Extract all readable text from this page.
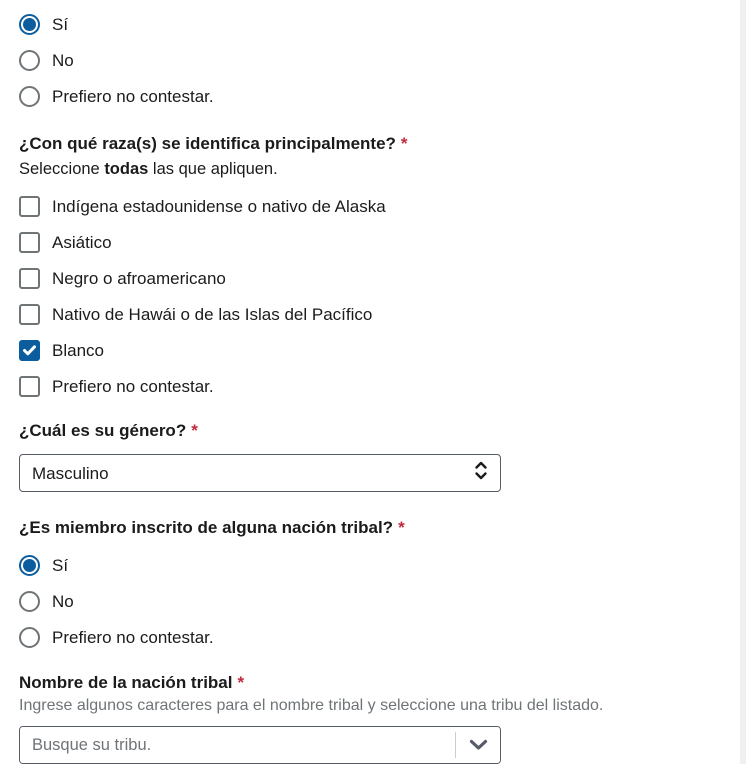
Sí
No
Prefiero no contestar.
¿Con qué raza(s) se identifica principalmente? *
Seleccione todas las que apliquen.
Indígena estadounidense o nativo de Alaska
Asiático
Negro o afroamericano
Nativo de Hawái o de las Islas del Pacífico
Blanco
Prefiero no contestar.
¿Cuál es su género? *
Masculino
¿Es miembro inscrito de alguna nación tribal? *
Sí
No
Prefiero no contestar.
Nombre de la nación tribal *
Ingrese algunos caracteres para el nombre tribal y seleccione una tribu del listado.
Busque su tribu.
